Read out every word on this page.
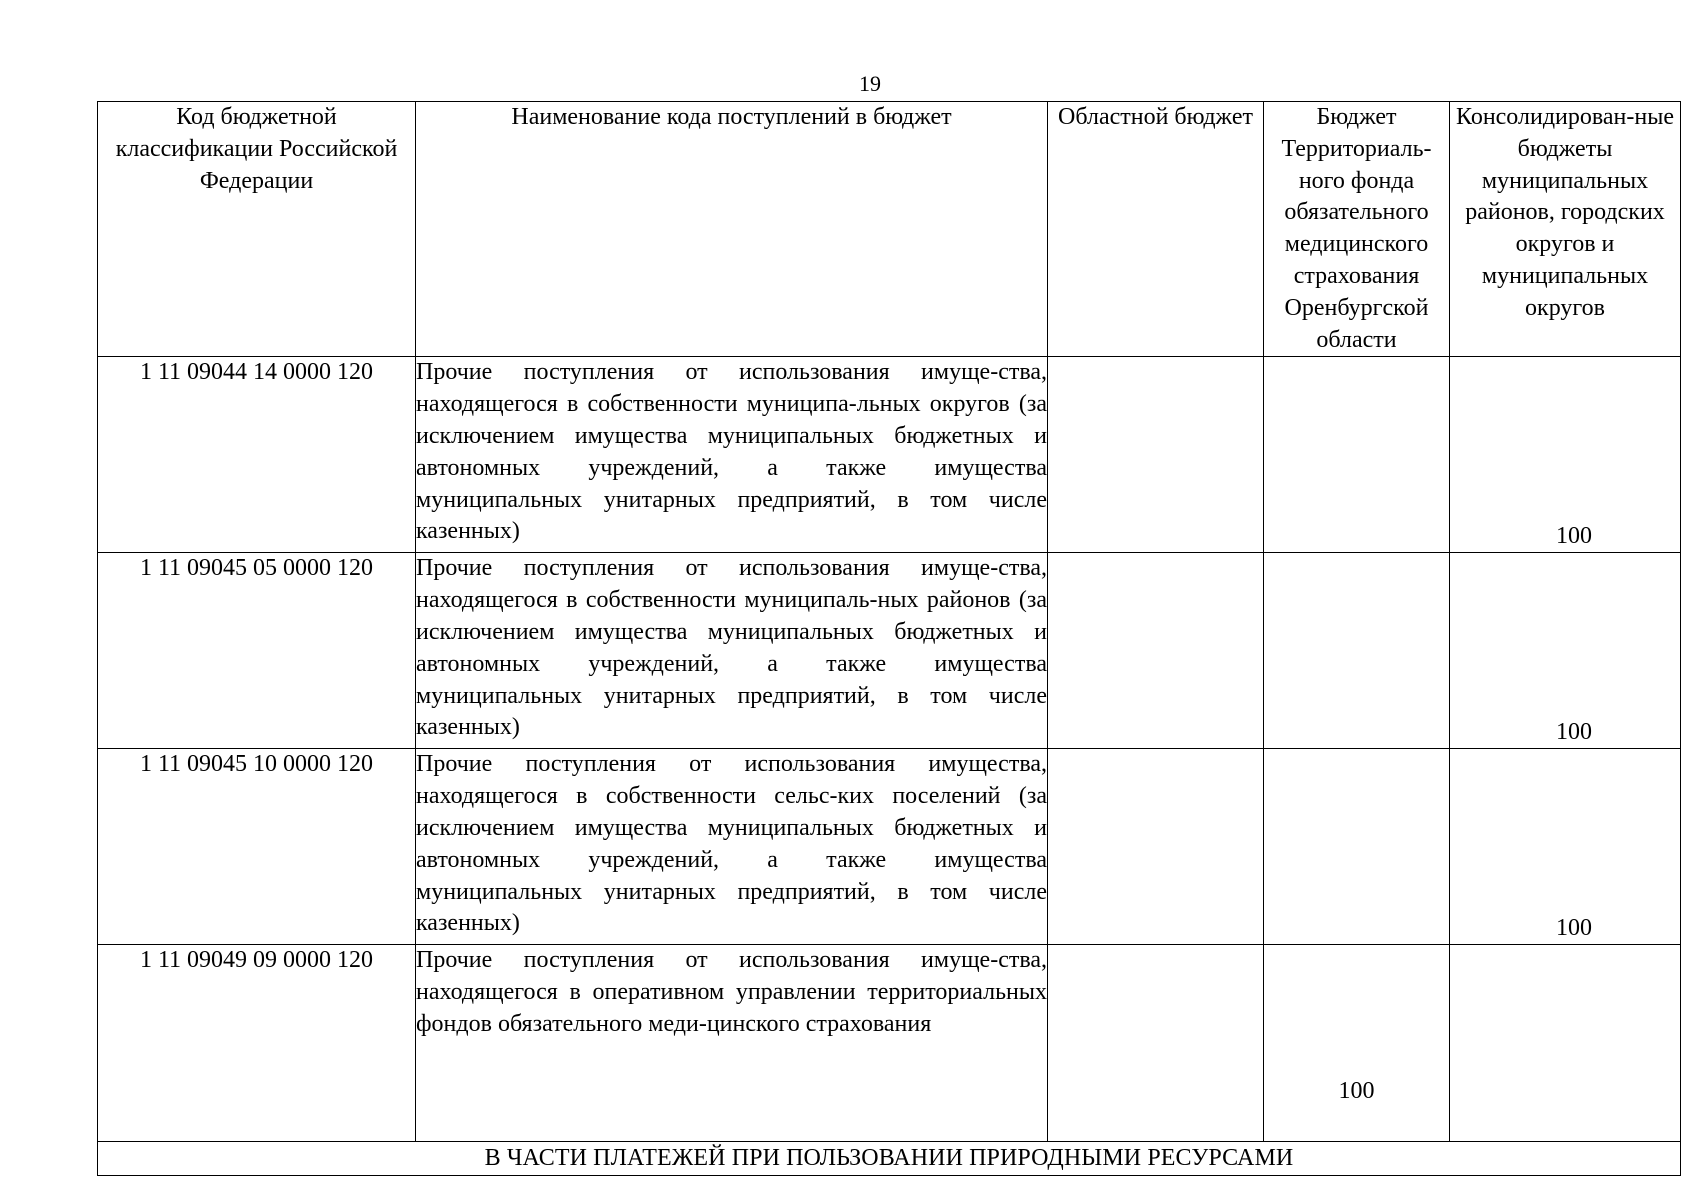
19
Код бюджетной классификации Российской Федерации	Наименование кода поступлений в бюджет	Областной бюджет	Бюджет Территориаль-ного фонда обязательного медицинского страхования Оренбургской области	Консолидирован-ные бюджеты муниципальных районов, городских округов и муниципальных округов
1 11 09044 14 0000 120	Прочие поступления от использования имуще-ства, находящегося в собственности муниципа-льных округов (за исключением имущества муниципальных бюджетных и автономных учреждений, а также имущества муниципальных унитарных предприятий, в том числе казенных)			100
1 11 09045 05 0000 120	Прочие поступления от использования имуще-ства, находящегося в собственности муниципаль-ных районов (за исключением имущества муниципальных бюджетных и автономных учреждений, а также имущества муниципальных унитарных предприятий, в том числе казенных)			100
1 11 09045 10 0000 120	Прочие поступления от использования имущества, находящегося в собственности сельс-ких поселений (за исключением имущества муниципальных бюджетных и автономных учреждений, а также имущества муниципальных унитарных предприятий, в том числе казенных)			100
1 11 09049 09 0000 120	Прочие поступления от использования имуще-ства, находящегося в оперативном управлении территориальных фондов обязательного меди-цинского страхования		100	
В ЧАСТИ ПЛАТЕЖЕЙ ПРИ ПОЛЬЗОВАНИИ ПРИРОДНЫМИ РЕСУРСАМИ				
